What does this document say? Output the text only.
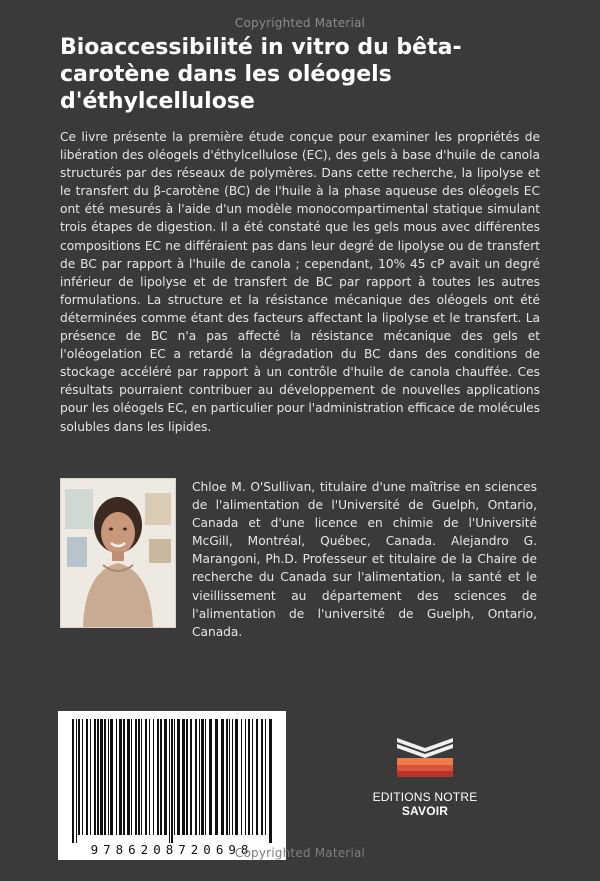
Copyrighted Material
Bioaccessibilité in vitro du bêta-carotène dans les oléogels d'éthylcellulose

Ce livre présente la première étude conçue pour examiner les propriétés de libération des oléogels d'éthylcellulose (EC), des gels à base d'huile de canola structurés par des réseaux de polymères. Dans cette recherche, la lipolyse et le transfert du β-carotène (BC) de l'huile à la phase aqueuse des oléogels EC ont été mesurés à l'aide d'un modèle monocompartimental statique simulant trois étapes de digestion. Il a été constaté que les gels mous avec différentes compositions EC ne différaient pas dans leur degré de lipolyse ou de transfert de BC par rapport à l'huile de canola ; cependant, 10% 45 cP avait un degré inférieur de lipolyse et de transfert de BC par rapport à toutes les autres formulations. La structure et la résistance mécanique des oléogels ont été déterminées comme étant des facteurs affectant la lipolyse et le transfert. La présence de BC n'a pas affecté la résistance mécanique des gels et l'oléogelation EC a retardé la dégradation du BC dans des conditions de stockage accéléré par rapport à un contrôle d'huile de canola chauffée. Ces résultats pourraient contribuer au développement de nouvelles applications pour les oléogels EC, en particulier pour l'administration efficace de molécules solubles dans les lipides.

Chloe M. O'Sullivan, titulaire d'une maîtrise en sciences de l'alimentation de l'Université de Guelph, Ontario, Canada et d'une licence en chimie de l'Université McGill, Montréal, Québec, Canada. Alejandro G. Marangoni, Ph.D. Professeur et titulaire de la Chaire de recherche du Canada sur l'alimentation, la santé et le vieillissement au département des sciences de l'alimentation de l'université de Guelph, Ontario, Canada.

9786208720698
EDITIONS NOTRE SAVOIR
Copyrighted Material
